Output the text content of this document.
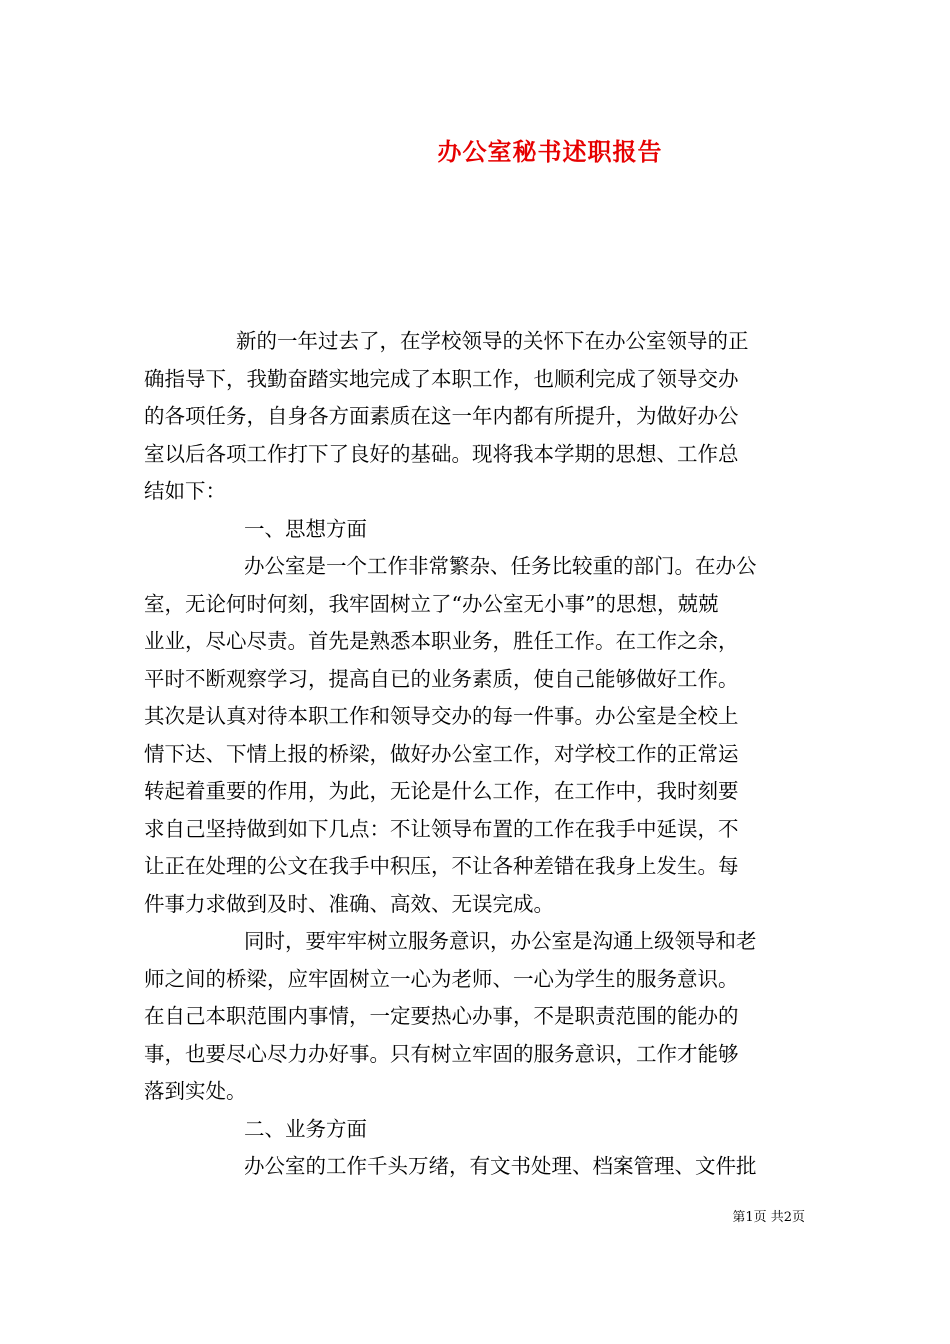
办公室秘书述职报告
新的一年过去了，在学校领导的关怀下在办公室领导的正
确指导下，我勤奋踏实地完成了本职工作，也顺利完成了领导交办
的各项任务，自身各方面素质在这一年内都有所提升，为做好办公
室以后各项工作打下了良好的基础。现将我本学期的思想、工作总
结如下：
一、思想方面
办公室是一个工作非常繁杂、任务比较重的部门。在办公
室，无论何时何刻，我牢固树立了“办公室无小事”的思想，兢兢
业业，尽心尽责。首先是熟悉本职业务，胜任工作。在工作之余，
平时不断观察学习，提高自已的业务素质，使自己能够做好工作。
其次是认真对待本职工作和领导交办的每一件事。办公室是全校上
情下达、下情上报的桥梁，做好办公室工作，对学校工作的正常运
转起着重要的作用，为此，无论是什么工作，在工作中，我时刻要
求自己坚持做到如下几点：不让领导布置的工作在我手中延误，不
让正在处理的公文在我手中积压，不让各种差错在我身上发生。每
件事力求做到及时、准确、高效、无误完成。
同时，要牢牢树立服务意识，办公室是沟通上级领导和老
师之间的桥梁，应牢固树立一心为老师、一心为学生的服务意识。
在自己本职范围内事情，一定要热心办事，不是职责范围的能办的
事，也要尽心尽力办好事。只有树立牢固的服务意识，工作才能够
落到实处。
二、业务方面
办公室的工作千头万绪，有文书处理、档案管理、文件批
第1页 共2页
